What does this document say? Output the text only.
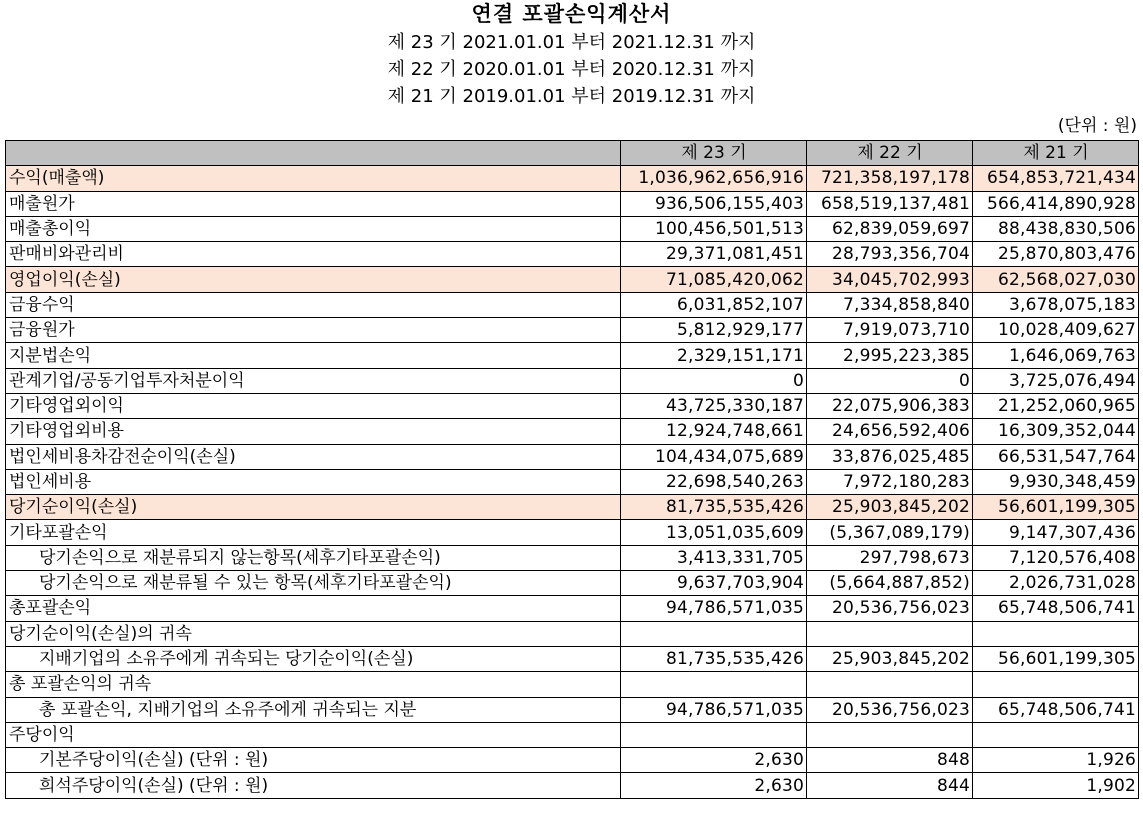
연결 포괄손익계산서
제 23 기 2021.01.01 부터 2021.12.31 까지
제 22 기 2020.01.01 부터 2020.12.31 까지
제 21 기 2019.01.01 부터 2019.12.31 까지
(단위 : 원)
	제 23 기	제 22 기	제 21 기
수익(매출액)	1,036,962,656,916	721,358,197,178	654,853,721,434
매출원가	936,506,155,403	658,519,137,481	566,414,890,928
매출총이익	100,456,501,513	62,839,059,697	88,438,830,506
판매비와관리비	29,371,081,451	28,793,356,704	25,870,803,476
영업이익(손실)	71,085,420,062	34,045,702,993	62,568,027,030
금융수익	6,031,852,107	7,334,858,840	3,678,075,183
금융원가	5,812,929,177	7,919,073,710	10,028,409,627
지분법손익	2,329,151,171	2,995,223,385	1,646,069,763
관계기업/공동기업투자처분이익	0	0	3,725,076,494
기타영업외이익	43,725,330,187	22,075,906,383	21,252,060,965
기타영업외비용	12,924,748,661	24,656,592,406	16,309,352,044
법인세비용차감전순이익(손실)	104,434,075,689	33,876,025,485	66,531,547,764
법인세비용	22,698,540,263	7,972,180,283	9,930,348,459
당기순이익(손실)	81,735,535,426	25,903,845,202	56,601,199,305
기타포괄손익	13,051,035,609	(5,367,089,179)	9,147,307,436
당기손익으로 재분류되지 않는항목(세후기타포괄손익)	3,413,331,705	297,798,673	7,120,576,408
당기손익으로 재분류될 수 있는 항목(세후기타포괄손익)	9,637,703,904	(5,664,887,852)	2,026,731,028
총포괄손익	94,786,571,035	20,536,756,023	65,748,506,741
당기순이익(손실)의 귀속			
지배기업의 소유주에게 귀속되는 당기순이익(손실)	81,735,535,426	25,903,845,202	56,601,199,305
총 포괄손익의 귀속			
총 포괄손익, 지배기업의 소유주에게 귀속되는 지분	94,786,571,035	20,536,756,023	65,748,506,741
주당이익			
기본주당이익(손실) (단위 : 원)	2,630	848	1,926
희석주당이익(손실) (단위 : 원)	2,630	844	1,902
